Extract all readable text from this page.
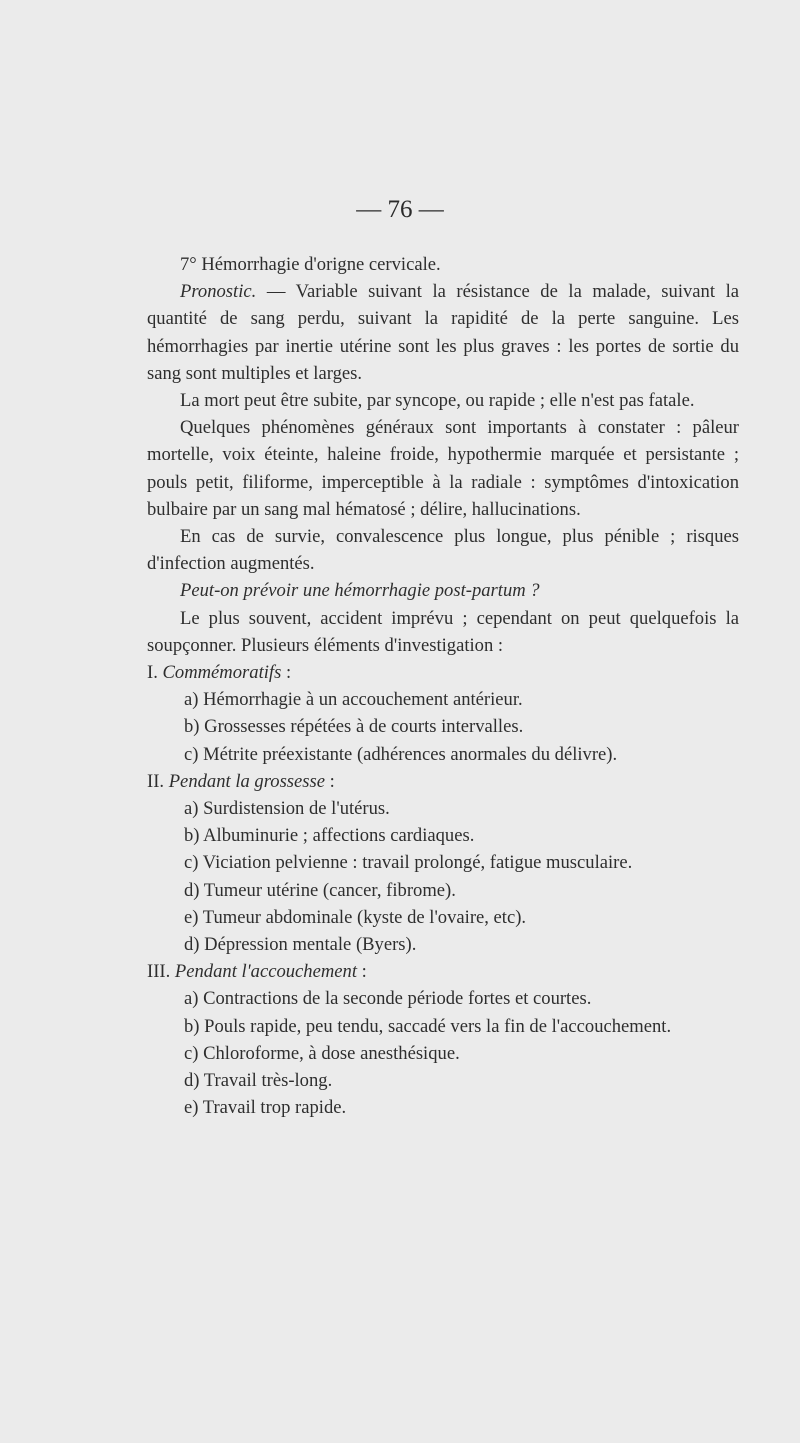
— 76 —

7° Hémorrhagie d'origne cervicale.

Pronostic. — Variable suivant la résistance de la malade, suivant la quantité de sang perdu, suivant la rapidité de la perte sanguine. Les hémorrhagies par inertie utérine sont les plus graves : les portes de sortie du sang sont multiples et larges.

La mort peut être subite, par syncope, ou rapide ; elle n'est pas fatale.

Quelques phénomènes généraux sont importants à constater : pâleur mortelle, voix éteinte, haleine froide, hypothermie marquée et persistante ; pouls petit, filiforme, imperceptible à la radiale : symptômes d'intoxication bulbaire par un sang mal hématosé ; délire, hallucinations.

En cas de survie, convalescence plus longue, plus pénible ; risques d'infection augmentés.

Peut-on prévoir une hémorrhagie post-partum ?

Le plus souvent, accident imprévu ; cependant on peut quelquefois la soupçonner. Plusieurs éléments d'investigation :

I. Commémoratifs :

a) Hémorrhagie à un accouchement antérieur.

b) Grossesses répétées à de courts intervalles.

c) Métrite préexistante (adhérences anormales du délivre).

II. Pendant la grossesse :

a) Surdistension de l'utérus.

b) Albuminurie ; affections cardiaques.

c) Viciation pelvienne : travail prolongé, fatigue musculaire.

d) Tumeur utérine (cancer, fibrome).

e) Tumeur abdominale (kyste de l'ovaire, etc).

d) Dépression mentale (Byers).

III. Pendant l'accouchement :

a) Contractions de la seconde période fortes et courtes.

b) Pouls rapide, peu tendu, saccadé vers la fin de l'accouchement.

c) Chloroforme, à dose anesthésique.

d) Travail très-long.

e) Travail trop rapide.
